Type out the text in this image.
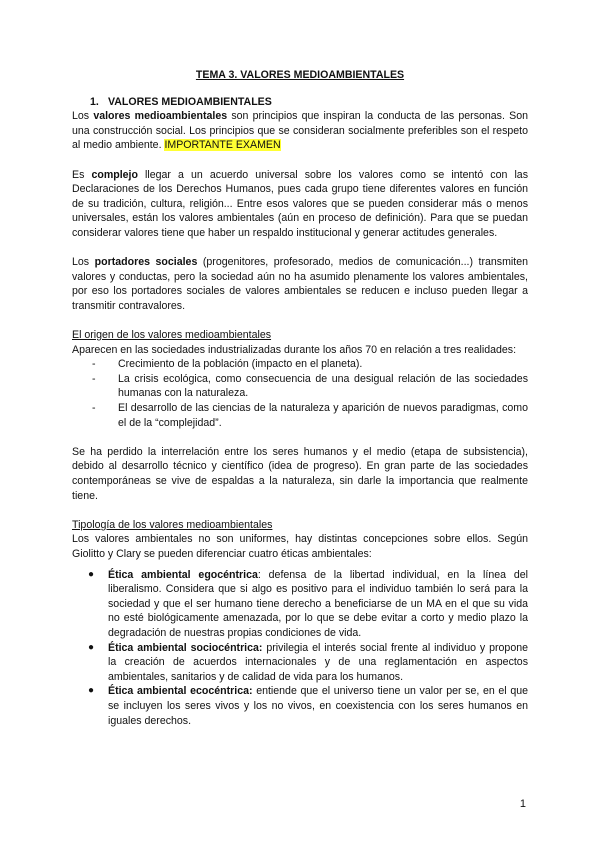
TEMA 3. VALORES MEDIOAMBIENTALES
1. VALORES MEDIOAMBIENTALES

Los valores medioambientales son principios que inspiran la conducta de las personas. Son una construcción social. Los principios que se consideran socialmente preferibles son el respeto al medio ambiente. IMPORTANTE EXAMEN

Es complejo llegar a un acuerdo universal sobre los valores como se intentó con las Declaraciones de los Derechos Humanos, pues cada grupo tiene diferentes valores en función de su tradición, cultura, religión... Entre esos valores que se pueden considerar más o menos universales, están los valores ambientales (aún en proceso de definición). Para que se puedan considerar valores tiene que haber un respaldo institucional y generar actitudes generales.

Los portadores sociales (progenitores, profesorado, medios de comunicación...) transmiten valores y conductas, pero la sociedad aún no ha asumido plenamente los valores ambientales, por eso los portadores sociales de valores ambientales se reducen e incluso pueden llegar a transmitir contravalores.

El origen de los valores medioambientales

Aparecen en las sociedades industrializadas durante los años 70 en relación a tres realidades:

- Crecimiento de la población (impacto en el planeta).
- La crisis ecológica, como consecuencia de una desigual relación de las sociedades humanas con la naturaleza.
- El desarrollo de las ciencias de la naturaleza y aparición de nuevos paradigmas, como el de la “complejidad”.

Se ha perdido la interrelación entre los seres humanos y el medio (etapa de subsistencia), debido al desarrollo técnico y científico (idea de progreso). En gran parte de las sociedades contemporáneas se vive de espaldas a la naturaleza, sin darle la importancia que realmente tiene.

Tipología de los valores medioambientales

Los valores ambientales no son uniformes, hay distintas concepciones sobre ellos. Según Giolitto y Clary se pueden diferenciar cuatro éticas ambientales:

● Ética ambiental egocéntrica: defensa de la libertad individual, en la línea del liberalismo. Considera que si algo es positivo para el individuo también lo será para la sociedad y que el ser humano tiene derecho a beneficiarse de un MA en el que su vida no esté biológicamente amenazada, por lo que se debe evitar a corto y medio plazo la degradación de nuestras propias condiciones de vida.
● Ética ambiental sociocéntrica: privilegia el interés social frente al individuo y propone la creación de acuerdos internacionales y de una reglamentación en aspectos ambientales, sanitarios y de calidad de vida para los humanos.
● Ética ambiental ecocéntrica: entiende que el universo tiene un valor per se, en el que se incluyen los seres vivos y los no vivos, en coexistencia con los seres humanos en iguales derechos.
1
